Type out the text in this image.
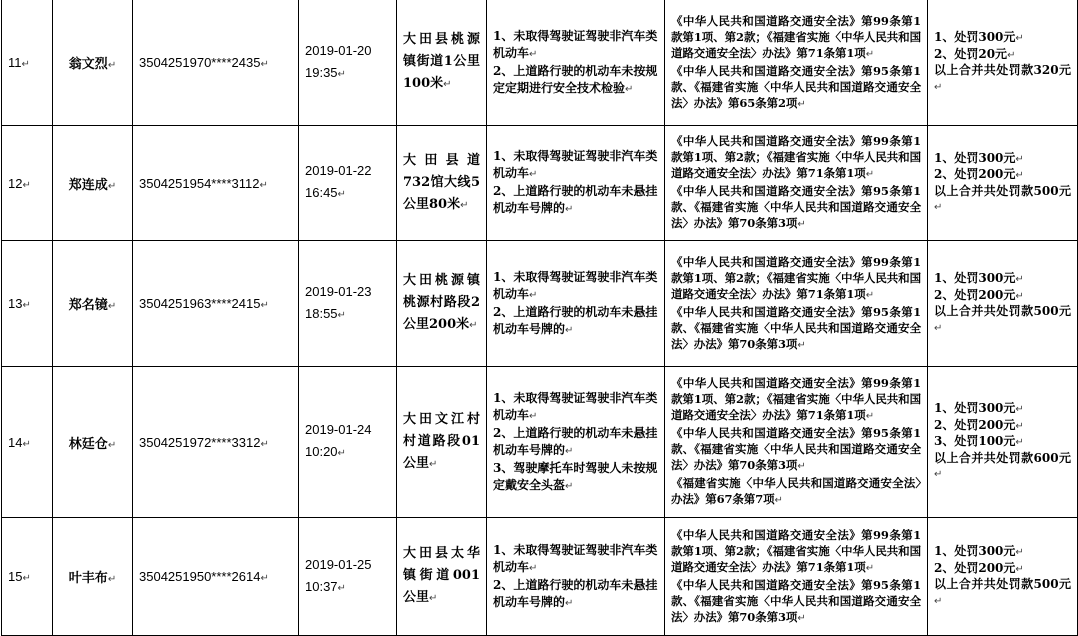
11↵	翁文烈↵	3504251970****2435↵	2019-01-20
19:35↵	大田县桃源镇街道1公里100米↵	1、未取得驾驶证驾驶非汽车类机动车↵
2、上道路行驶的机动车未按规定定期进行安全技术检验↵	《中华人民共和国道路交通安全法》第99条第1款第1项、第2款；《福建省实施〈中华人民共和国道路交通安全法〉办法》第71条第1项↵
《中华人民共和国道路交通安全法》第95条第1款、《福建省实施〈中华人民共和国道路交通安全法〉办法》第65条第2项↵	1、处罚300元↵
2、处罚20元↵
以上合并共处罚款320元↵

12↵	郑连成↵	3504251954****3112↵	2019-01-22
16:45↵	大田县道732馆大线5公里80米↵	1、未取得驾驶证驾驶非汽车类机动车↵
2、上道路行驶的机动车未悬挂机动车号牌的↵	《中华人民共和国道路交通安全法》第99条第1款第1项、第2款；《福建省实施〈中华人民共和国道路交通安全法〉办法》第71条第1项↵
《中华人民共和国道路交通安全法》第95条第1款、《福建省实施〈中华人民共和国道路交通安全法〉办法》第70条第3项↵	1、处罚300元↵
2、处罚200元↵
以上合并共处罚款500元↵

13↵	郑名镜↵	3504251963****2415↵	2019-01-23
18:55↵	大田桃源镇桃源村路段2公里200米↵	1、未取得驾驶证驾驶非汽车类机动车↵
2、上道路行驶的机动车未悬挂机动车号牌的↵	《中华人民共和国道路交通安全法》第99条第1款第1项、第2款；《福建省实施〈中华人民共和国道路交通安全法〉办法》第71条第1项↵
《中华人民共和国道路交通安全法》第95条第1款、《福建省实施〈中华人民共和国道路交通安全法〉办法》第70条第3项↵	1、处罚300元↵
2、处罚200元↵
以上合并共处罚款500元↵

14↵	林廷仓↵	3504251972****3312↵	2019-01-24
10:20↵	大田文江村村道路段01公里↵	1、未取得驾驶证驾驶非汽车类机动车↵
2、上道路行驶的机动车未悬挂机动车号牌的↵
3、驾驶摩托车时驾驶人未按规定戴安全头盔↵	《中华人民共和国道路交通安全法》第99条第1款第1项、第2款；《福建省实施〈中华人民共和国道路交通安全法〉办法》第71条第1项↵
《中华人民共和国道路交通安全法》第95条第1款、《福建省实施〈中华人民共和国道路交通安全法〉办法》第70条第3项↵
《福建省实施〈中华人民共和国道路交通安全法〉办法》第67条第7项↵	1、处罚300元↵
2、处罚200元↵
3、处罚100元↵
以上合并共处罚款600元↵

15↵	叶丰布↵	3504251950****2614↵	2019-01-25
10:37↵	大田县太华镇街道001公里↵	1、未取得驾驶证驾驶非汽车类机动车↵
2、上道路行驶的机动车未悬挂机动车号牌的↵	《中华人民共和国道路交通安全法》第99条第1款第1项、第2款；《福建省实施〈中华人民共和国道路交通安全法〉办法》第71条第1项↵
《中华人民共和国道路交通安全法》第95条第1款、《福建省实施〈中华人民共和国道路交通安全法〉办法》第70条第3项↵	1、处罚300元↵
2、处罚200元↵
以上合并共处罚款500元↵
